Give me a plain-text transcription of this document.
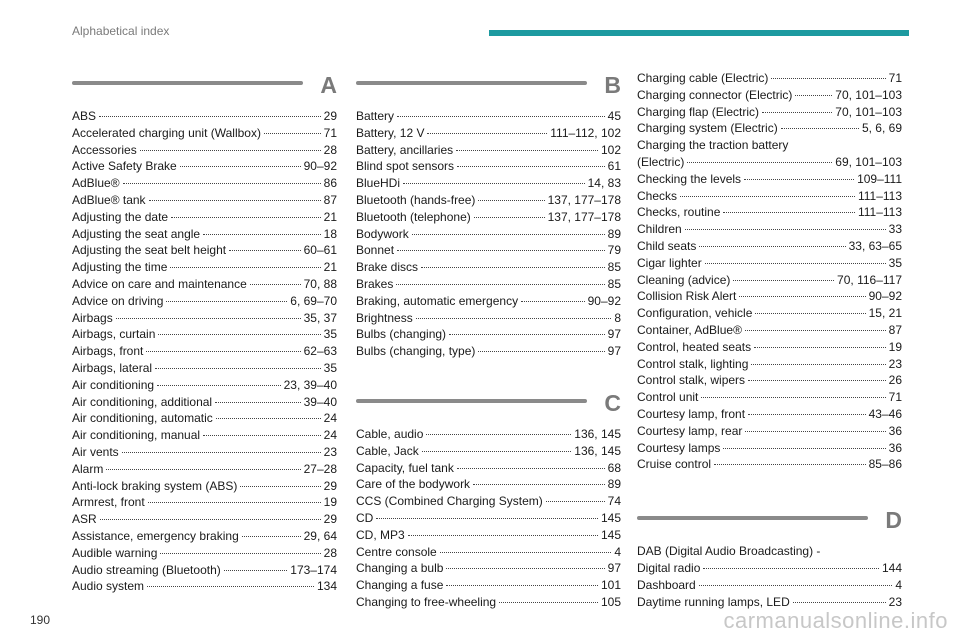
Alphabetical index
A
ABS	29
Accelerated charging unit (Wallbox)	71
Accessories	28
Active Safety Brake	90–92
AdBlue®	86
AdBlue® tank	87
Adjusting the date	21
Adjusting the seat angle	18
Adjusting the seat belt height	60–61
Adjusting the time	21
Advice on care and maintenance	70, 88
Advice on driving	6, 69–70
Airbags	35, 37
Airbags, curtain	35
Airbags, front	62–63
Airbags, lateral	35
Air conditioning	23, 39–40
Air conditioning, additional	39–40
Air conditioning, automatic	24
Air conditioning, manual	24
Air vents	23
Alarm	27–28
Anti-lock braking system (ABS)	29
Armrest, front	19
ASR	29
Assistance, emergency braking	29, 64
Audible warning	28
Audio streaming (Bluetooth)	173–174
Audio system	134
B
Battery	45
Battery, 12 V	111–112, 102
Battery, ancillaries	102
Blind spot sensors	61
BlueHDi	14, 83
Bluetooth (hands-free)	137, 177–178
Bluetooth (telephone)	137, 177–178
Bodywork	89
Bonnet	79
Brake discs	85
Brakes	85
Braking, automatic emergency	90–92
Brightness	8
Bulbs (changing)	97
Bulbs (changing, type)	97
C
Cable, audio	136, 145
Cable, Jack	136, 145
Capacity, fuel tank	68
Care of the bodywork	89
CCS (Combined Charging System)	74
CD	145
CD, MP3	145
Centre console	4
Changing a bulb	97
Changing a fuse	101
Changing to free-wheeling	105
Charging cable (Electric)	71
Charging connector (Electric)	70, 101–103
Charging flap (Electric)	70, 101–103
Charging system (Electric)	5, 6, 69
Charging the traction battery
(Electric)	69, 101–103
Checking the levels	109–111
Checks	111–113
Checks, routine	111–113
Children	33
Child seats	33, 63–65
Cigar lighter	35
Cleaning (advice)	70, 116–117
Collision Risk Alert	90–92
Configuration, vehicle	15, 21
Container, AdBlue®	87
Control, heated seats	19
Control stalk, lighting	23
Control stalk, wipers	26
Control unit	71
Courtesy lamp, front	43–46
Courtesy lamp, rear	36
Courtesy lamps	36
Cruise control	85–86
D
DAB (Digital Audio Broadcasting) -
Digital radio	144
Dashboard	4
Daytime running lamps, LED	23
190	carmanualsonline.info
